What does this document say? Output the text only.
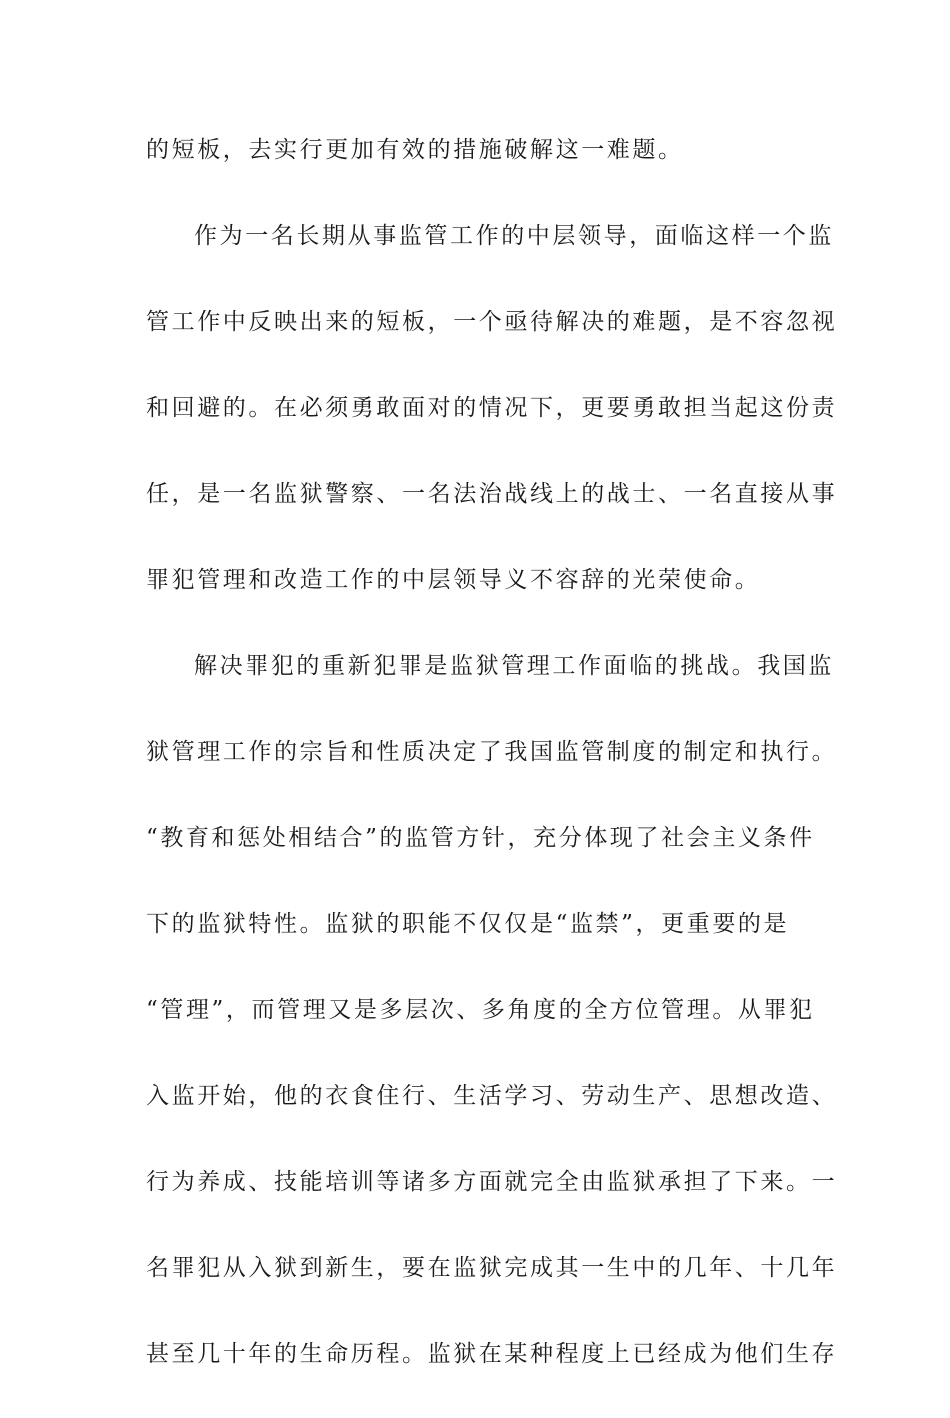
的短板，去实行更加有效的措施破解这一难题。
作为一名长期从事监管工作的中层领导，面临这样一个监
管工作中反映出来的短板，一个亟待解决的难题，是不容忽视
和回避的。在必须勇敢面对的情况下，更要勇敢担当起这份责
任，是一名监狱警察、一名法治战线上的战士、一名直接从事
罪犯管理和改造工作的中层领导义不容辞的光荣使命。
解决罪犯的重新犯罪是监狱管理工作面临的挑战。我国监
狱管理工作的宗旨和性质决定了我国监管制度的制定和执行。
“教育和惩处相结合”的监管方针，充分体现了社会主义条件
下的监狱特性。监狱的职能不仅仅是“监禁”，更重要的是
“管理”，而管理又是多层次、多角度的全方位管理。从罪犯
入监开始，他的衣食住行、生活学习、劳动生产、思想改造、
行为养成、技能培训等诸多方面就完全由监狱承担了下来。一
名罪犯从入狱到新生，要在监狱完成其一生中的几年、十几年
甚至几十年的生命历程。监狱在某种程度上已经成为他们生存
